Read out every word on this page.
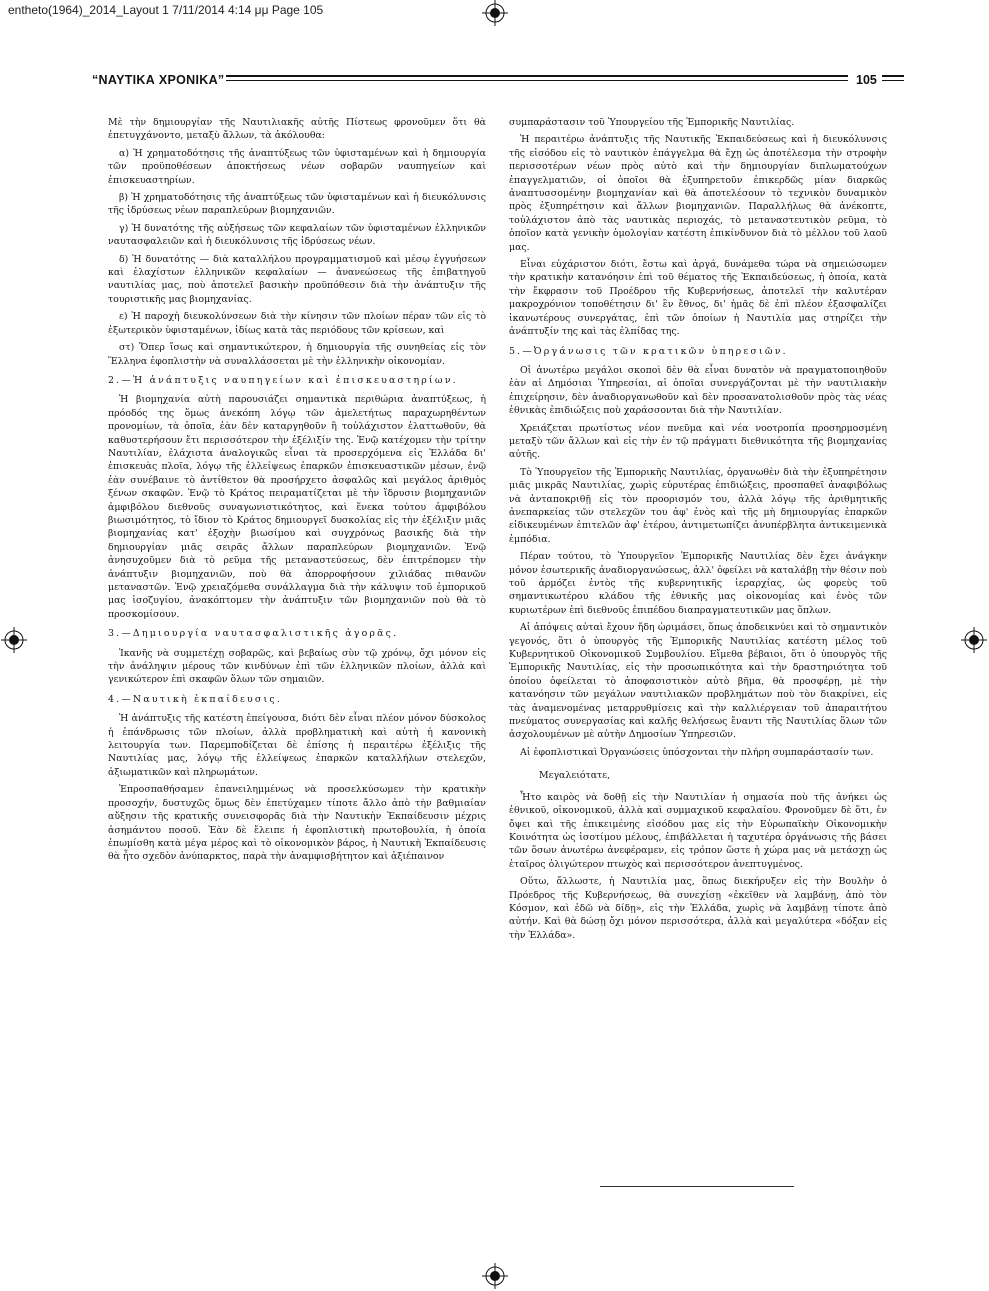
entheto(1964)_2014_Layout 1 7/11/2014 4:14 μμ Page 105
“ΝΑΥΤΙΚΑ ΧΡΟΝΙΚΑ”	105

Μὲ τὴν δημιουργίαν τῆς Ναυτιλιακῆς αὐτῆς Πίστεως φρονοῦμεν ὅτι θὰ ἐπετυγχάνοντο, μεταξὺ ἄλλων, τὰ ἀκόλουθα:

α) Ἡ χρηματοδότησις τῆς ἀναπτύξεως τῶν ὑφισταμένων καὶ ἡ δημιουργία τῶν προϋποθέσεων ἀποκτήσεως νέων σοβαρῶν ναυπηγείων καὶ ἐπισκευαστηρίων.

β) Ἡ χρηματοδότησις τῆς ἀναπτύξεως τῶν ὑφισταμένων καὶ ἡ διευκόλυνσις τῆς ἱδρύσεως νέων παραπλεύρων βιομηχανιῶν.

γ) Ἡ δυνατότης τῆς αὐξήσεως τῶν κεφαλαίων τῶν ὑφισταμένων ἑλληνικῶν ναυτασφαλειῶν καὶ ἡ διευκόλυνσις τῆς ἱδρύσεως νέων.

δ) Ἡ δυνατότης — διὰ καταλλήλου προγραμματισμοῦ καὶ μέσῳ ἐγγυήσεων καὶ ἐλαχίστων ἑλληνικῶν κεφαλαίων — ἀνανεώσεως τῆς ἐπιβατηγοῦ ναυτιλίας μας, ποὺ ἀποτελεῖ βασικὴν προϋπόθεσιν διὰ τὴν ἀνάπτυξιν τῆς τουριστικῆς μας βιομηχανίας.

ε) Ἡ παροχὴ διευκολύνσεων διὰ τὴν κίνησιν τῶν πλοίων πέραν τῶν εἰς τὸ ἐξωτερικὸν ὑφισταμένων, ἰδίως κατὰ τὰς περιόδους τῶν κρίσεων, καὶ

στ) Ὅπερ ἴσως καὶ σημαντικώτερον, ἡ δημιουργία τῆς συνηθείας εἰς τὸν Ἕλληνα ἐφοπλιστὴν νὰ συναλλάσσεται μὲ τὴν ἑλληνικὴν οἰκονομίαν.

2.—Ἡ ἀνάπτυξις ναυπηγείων καὶ ἐπισκευαστηρίων.

Ἡ βιομηχανία αὐτὴ παρουσιάζει σημαντικὰ περιθώρια ἀναπτύξεως, ἡ πρόοδός της ὅμως ἀνεκόπη λόγῳ τῶν ἀμελετήτως παραχωρηθέντων προνομίων, τὰ ὁποῖα, ἐὰν δὲν καταργηθοῦν ἢ τοὐλάχιστον ἐλαττωθοῦν, θὰ καθυστερήσουν ἔτι περισσότερον τὴν ἐξέλιξίν της. Ἐνῷ κατέχομεν τὴν τρίτην Ναυτιλίαν, ἐλάχιστα ἀναλογικῶς εἶναι τὰ προσερχόμενα εἰς Ἑλλάδα δι' ἐπισκευὰς πλοῖα, λόγῳ τῆς ἐλλείψεως ἐπαρκῶν ἐπισκευαστικῶν μέσων, ἐνῷ ἐὰν συνέβαινε τὸ ἀντίθετον θὰ προσήρχετο ἀσφαλῶς καὶ μεγάλος ἀριθμὸς ξένων σκαφῶν. Ἐνῷ τὸ Κράτος πειραματίζεται μὲ τὴν ἵδρυσιν βιομηχανιῶν ἀμφιβόλου διεθνοῦς συναγωνιστικότητος, καὶ ἕνεκα τούτου ἀμφιβόλου βιωσιμότητος, τὸ ἴδιον τὸ Κράτος δημιουργεῖ δυσκολίας εἰς τὴν ἐξέλιξιν μιᾶς βιομηχανίας κατ' ἐξοχὴν βιωσίμου καὶ συγχρόνως βασικῆς διὰ τὴν δημιουργίαν μιᾶς σειρᾶς ἄλλων παραπλεύρων βιομηχανιῶν. Ἐνῷ ἀνησυχοῦμεν διὰ τὸ ρεῦμα τῆς μεταναστεύσεως, δὲν ἐπιτρέπομεν τὴν ἀνάπτυξιν βιομηχανιῶν, ποὺ θὰ ἀπορροφήσουν χιλιάδας πιθανῶν μεταναστῶν. Ἐνῷ χρειαζόμεθα συνάλλαγμα διὰ τὴν κάλυψιν τοῦ ἐμπορικοῦ μας ἰσοζυγίου, ἀνακόπτομεν τὴν ἀνάπτυξιν τῶν βιομηχανιῶν ποὺ θὰ τὸ προσκομίσουν.

3.—Δημιουργία ναυτασφαλιστικῆς ἀγορᾶς.

Ἱκανῆς νὰ συμμετέχῃ σοβαρῶς, καὶ βεβαίως σὺν τῷ χρόνῳ, ὄχι μόνον εἰς τὴν ἀνάληψιν μέρους τῶν κινδύνων ἐπὶ τῶν ἑλληνικῶν πλοίων, ἀλλὰ καὶ γενικώτερον ἐπὶ σκαφῶν ὅλων τῶν σημαιῶν.

4.—Ναυτικὴ ἐκπαίδευσις.

Ἡ ἀνάπτυξις τῆς κατέστη ἐπείγουσα, διότι δὲν εἶναι πλέον μόνον δύσκολος ἡ ἐπάνδρωσις τῶν πλοίων, ἀλλὰ προβληματικὴ καὶ αὐτὴ ἡ κανονικὴ λειτουργία των. Παρεμποδίζεται δὲ ἐπίσης ἡ περαιτέρω ἐξέλιξις τῆς Ναυτιλίας μας, λόγῳ τῆς ἐλλείψεως ἐπαρκῶν καταλλήλων στελεχῶν, ἀξιωματικῶν καὶ πληρωμάτων.

Ἐπροσπαθήσαμεν ἐπανειλημμένως νὰ προσελκύσωμεν τὴν κρατικὴν προσοχήν, δυστυχῶς ὅμως δὲν ἐπετύχαμεν τίποτε ἄλλο ἀπὸ τὴν βαθμιαίαν αὔξησιν τῆς κρατικῆς συνεισφορᾶς διὰ τὴν Ναυτικὴν Ἐκπαίδευσιν μέχρις ἀσημάντου ποσοῦ. Ἐὰν δὲ ἔλειπε ἡ ἐφοπλιστικὴ πρωτοβουλία, ἡ ὁποία ἐπωμίσθη κατὰ μέγα μέρος καὶ τὸ οἰκονομικὸν βάρος, ἡ Ναυτικὴ Ἐκπαίδευσις θὰ ἦτο σχεδὸν ἀνύπαρκτος, παρὰ τὴν ἀναμφισβήτητον καὶ ἀξιέπαινον

συμπαράστασιν τοῦ Ὑπουργείου τῆς Ἐμπορικῆς Ναυτιλίας.

Ἡ περαιτέρω ἀνάπτυξις τῆς Ναυτικῆς Ἐκπαιδεύσεως καὶ ἡ διευκόλυνσις τῆς εἰσόδου εἰς τὸ ναυτικὸν ἐπάγγελμα θὰ ἔχῃ ὡς ἀποτέλεσμα τὴν στροφὴν περισσοτέρων νέων πρὸς αὐτὸ καὶ τὴν δημιουργίαν διπλωματούχων ἐπαγγελματιῶν, οἱ ὁποῖοι θὰ ἐξυπηρετοῦν ἐπικερδῶς μίαν διαρκῶς ἀναπτυσσομένην βιομηχανίαν καὶ θὰ ἀποτελέσουν τὸ τεχνικὸν δυναμικὸν πρὸς ἐξυπηρέτησιν καὶ ἄλλων βιομηχανιῶν. Παραλλήλως θὰ ἀνέκοπτε, τοὐλάχιστον ἀπὸ τὰς ναυτικὰς περιοχάς, τὸ μεταναστευτικὸν ρεῦμα, τὸ ὁποῖον κατὰ γενικὴν ὁμολογίαν κατέστη ἐπικίνδυνον διὰ τὸ μέλλον τοῦ λαοῦ μας.

Εἶναι εὐχάριστον διότι, ἔστω καὶ ἀργά, δυνάμεθα τώρα νὰ σημειώσωμεν τὴν κρατικὴν κατανόησιν ἐπὶ τοῦ θέματος τῆς Ἐκπαιδεύσεως, ἡ ὁποία, κατὰ τὴν ἔκφρασιν τοῦ Προέδρου τῆς Κυβερνήσεως, ἀποτελεῖ τὴν καλυτέραν μακροχρόνιον τοποθέτησιν δι' ἓν ἔθνος, δι' ἡμᾶς δὲ ἐπὶ πλέον ἐξασφαλίζει ἱκανωτέρους συνεργάτας, ἐπὶ τῶν ὁποίων ἡ Ναυτιλία μας στηρίζει τὴν ἀνάπτυξίν της καὶ τὰς ἐλπίδας της.

5.—Ὀργάνωσις τῶν κρατικῶν ὑπηρεσιῶν.

Οἱ ἀνωτέρω μεγάλοι σκοποὶ δὲν θὰ εἶναι δυνατὸν νὰ πραγματοποιηθοῦν ἐὰν αἱ Δημόσιαι Ὑπηρεσίαι, αἱ ὁποῖαι συνεργάζονται μὲ τὴν ναυτιλιακὴν ἐπιχείρησιν, δὲν ἀναδιοργανωθοῦν καὶ δὲν προσανατολισθοῦν πρὸς τὰς νέας ἐθνικὰς ἐπιδιώξεις ποὺ χαράσσονται διὰ τὴν Ναυτιλίαν.

Χρειάζεται πρωτίστως νέον πνεῦμα καὶ νέα νοοτροπία προσηρμοσμένη μεταξὺ τῶν ἄλλων καὶ εἰς τὴν ἐν τῷ πράγματι διεθνικότητα τῆς βιομηχανίας αὐτῆς.

Τὸ Ὑπουργεῖον τῆς Ἐμπορικῆς Ναυτιλίας, ὀργανωθὲν διὰ τὴν ἐξυπηρέτησιν μιᾶς μικρᾶς Ναυτιλίας, χωρὶς εὐρυτέρας ἐπιδιώξεις, προσπαθεῖ ἀναφιβόλως νὰ ἀνταποκριθῇ εἰς τὸν προορισμόν του, ἀλλὰ λόγῳ τῆς ἀριθμητικῆς ἀνεπαρκείας τῶν στελεχῶν του ἀφ' ἑνὸς καὶ τῆς μὴ δημιουργίας ἐπαρκῶν εἰδικευμένων ἐπιτελῶν ἀφ' ἑτέρου, ἀντιμετωπίζει ἀνυπέρβλητα ἀντικειμενικὰ ἐμπόδια.

Πέραν τούτου, τὸ Ὑπουργεῖον Ἐμπορικῆς Ναυτιλίας δὲν ἔχει ἀνάγκην μόνον ἐσωτερικῆς ἀναδιοργανώσεως, ἀλλ' ὀφείλει νὰ καταλάβῃ τὴν θέσιν ποὺ τοῦ ἁρμόζει ἐντὸς τῆς κυβερνητικῆς ἱεραρχίας, ὡς φορεὺς τοῦ σημαντικωτέρου κλάδου τῆς ἐθνικῆς μας οἰκονομίας καὶ ἑνὸς τῶν κυριωτέρων ἐπὶ διεθνοῦς ἐπιπέδου διαπραγματευτικῶν μας ὅπλων.

Αἱ ἀπόψεις αὐταὶ ἔχουν ἤδη ὡριμάσει, ὅπως ἀποδεικνύει καὶ τὸ σημαντικὸν γεγονός, ὅτι ὁ ὑπουργὸς τῆς Ἐμπορικῆς Ναυτιλίας κατέστη μέλος τοῦ Κυβερνητικοῦ Οἰκονομικοῦ Συμβουλίου. Εἴμεθα βέβαιοι, ὅτι ὁ ὑπουργὸς τῆς Ἐμπορικῆς Ναυτιλίας, εἰς τὴν προσωπικότητα καὶ τὴν δραστηριότητα τοῦ ὁποίου ὀφείλεται τὸ ἀποφασιστικὸν αὐτὸ βῆμα, θὰ προσφέρῃ, μὲ τὴν κατανόησιν τῶν μεγάλων ναυτιλιακῶν προβλημάτων ποὺ τὸν διακρίνει, εἰς τὰς ἀναμενομένας μεταρρυθμίσεις καὶ τὴν καλλιέργειαν τοῦ ἀπαραιτήτου πνεύματος συνεργασίας καὶ καλῆς θελήσεως ἔναντι τῆς Ναυτιλίας ὅλων τῶν ἀσχολουμένων μὲ αὐτὴν Δημοσίων Ὑπηρεσιῶν.

Αἱ ἐφοπλιστικαὶ Ὀργανώσεις ὑπόσχονται τὴν πλήρη συμπαράστασίν των.

Μεγαλειότατε,

Ἦτο καιρὸς νὰ δοθῇ εἰς τὴν Ναυτιλίαν ἡ σημασία ποὺ τῆς ἀνήκει ὡς ἐθνικοῦ, οἰκονομικοῦ, ἀλλὰ καὶ συμμαχικοῦ κεφαλαίου. Φρονοῦμεν δὲ ὅτι, ἐν ὄψει καὶ τῆς ἐπικειμένης εἰσόδου μας εἰς τὴν Εὐρωπαϊκὴν Οἰκονομικὴν Κοινότητα ὡς ἰσοτίμου μέλους, ἐπιβάλλεται ἡ ταχυτέρα ὀργάνωσις τῆς βάσει τῶν ὅσων ἀνωτέρω ἀνεφέραμεν, εἰς τρόπον ὥστε ἡ χώρα μας νὰ μετάσχῃ ὡς ἑταῖρος ὀλιγώτερον πτωχὸς καὶ περισσότερον ἀνεπτυγμένος.

Οὕτω, ἄλλωστε, ἡ Ναυτιλία μας, ὅπως διεκήρυξεν εἰς τὴν Βουλὴν ὁ Πρόεδρος τῆς Κυβερνήσεως, θὰ συνεχίσῃ «ἐκεῖθεν νὰ λαμβάνῃ, ἀπὸ τὸν Κόσμον, καὶ ἐδῶ νὰ δίδῃ», εἰς τὴν Ἑλλάδα, χωρὶς νὰ λαμβάνῃ τίποτε ἀπὸ αὐτήν. Καὶ θὰ δώσῃ ὄχι μόνον περισσότερα, ἀλλὰ καὶ μεγαλύτερα «δόξαν εἰς τὴν Ἑλλάδα».
